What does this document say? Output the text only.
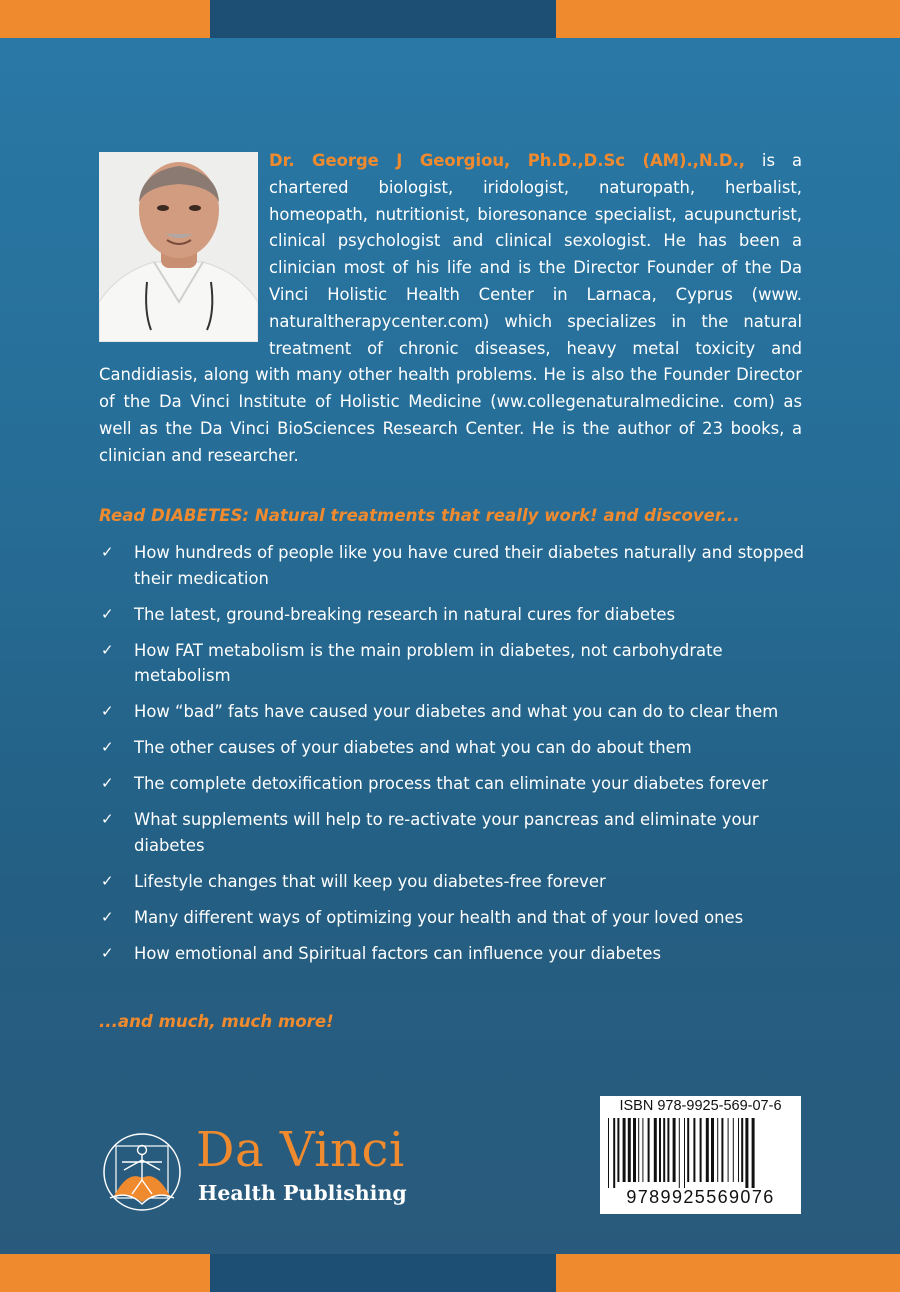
Dr. George J Georgiou, Ph.D.,D.Sc (AM).,N.D., is a chartered biologist, iridologist, naturopath, herbalist, homeopath, nutritionist, bioresonance specialist, acupuncturist, clinical psychologist and clinical sexologist. He has been a clinician most of his life and is the Director Founder of the Da Vinci Holistic Health Center in Larnaca, Cyprus (www. naturaltherapycenter.com) which specializes in the natural treatment of chronic diseases, heavy metal toxicity and Candidiasis, along with many other health problems. He is also the Founder Director of the Da Vinci Institute of Holistic Medicine (ww.collegenaturalmedicine. com) as well as the Da Vinci BioSciences Research Center. He is the author of 23 books, a clinician and researcher.
Read DIABETES: Natural treatments that really work! and discover...
✓ How hundreds of people like you have cured their diabetes naturally and stopped their medication
✓ The latest, ground-breaking research in natural cures for diabetes
✓ How FAT metabolism is the main problem in diabetes, not carbohydrate metabolism
✓ How “bad” fats have caused your diabetes and what you can do to clear them
✓ The other causes of your diabetes and what you can do about them
✓ The complete detoxification process that can eliminate your diabetes forever
✓ What supplements will help to re-activate your pancreas and eliminate your diabetes
✓ Lifestyle changes that will keep you diabetes-free forever
✓ Many different ways of optimizing your health and that of your loved ones
✓ How emotional and Spiritual factors can influence your diabetes
...and much, much more!
Da Vinci
Health Publishing
ISBN 978-9925-569-07-6
9789925569076
